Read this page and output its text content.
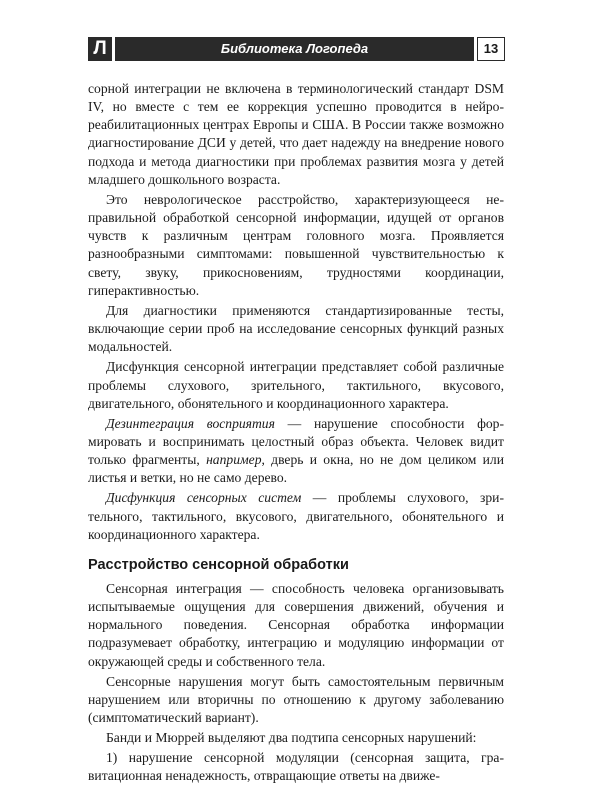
Л	Библиотека Логопеда	13

сорной интеграции не включена в терминологический стандарт DSM IV, но вместе с тем ее коррекция успешно проводится в нейрореабилитационных центрах Европы и США. В России также возможно диагностирование ДСИ у детей, что дает надежду на внедрение нового подхода и метода диагностики при проблемах развития мозга у детей младшего дошкольного возраста.

Это неврологическое расстройство, характеризующееся неправильной обработкой сенсорной информации, идущей от органов чувств к различным центрам головного мозга. Проявляется разнообразными симптомами: повышенной чувствительностью к свету, звуку, прикосновениям, трудностями координации, гиперактивностью.

Для диагностики применяются стандартизированные тесты, включающие серии проб на исследование сенсорных функций разных модальностей.

Дисфункция сенсорной интеграции представляет собой различные проблемы слухового, зрительного, тактильного, вкусового, двигательного, обонятельного и координационного характера.

Дезинтеграция восприятия — нарушение способности формировать и воспринимать целостный образ объекта. Человек видит только фрагменты, например, дверь и окна, но не дом целиком или листья и ветки, но не само дерево.

Дисфункция сенсорных систем — проблемы слухового, зрительного, тактильного, вкусового, двигательного, обонятельного и координационного характера.

Расстройство сенсорной обработки

Сенсорная интеграция — способность человека организовывать испытываемые ощущения для совершения движений, обучения и нормального поведения. Сенсорная обработка информации подразумевает обработку, интеграцию и модуляцию информации от окружающей среды и собственного тела.

Сенсорные нарушения могут быть самостоятельным первичным нарушением или вторичны по отношению к другому заболеванию (симптоматический вариант).

Банди и Мюррей выделяют два подтипа сенсорных нарушений:

1) нарушение сенсорной модуляции (сенсорная защита, гравитационная ненадежность, отвращающие ответы на движе-
